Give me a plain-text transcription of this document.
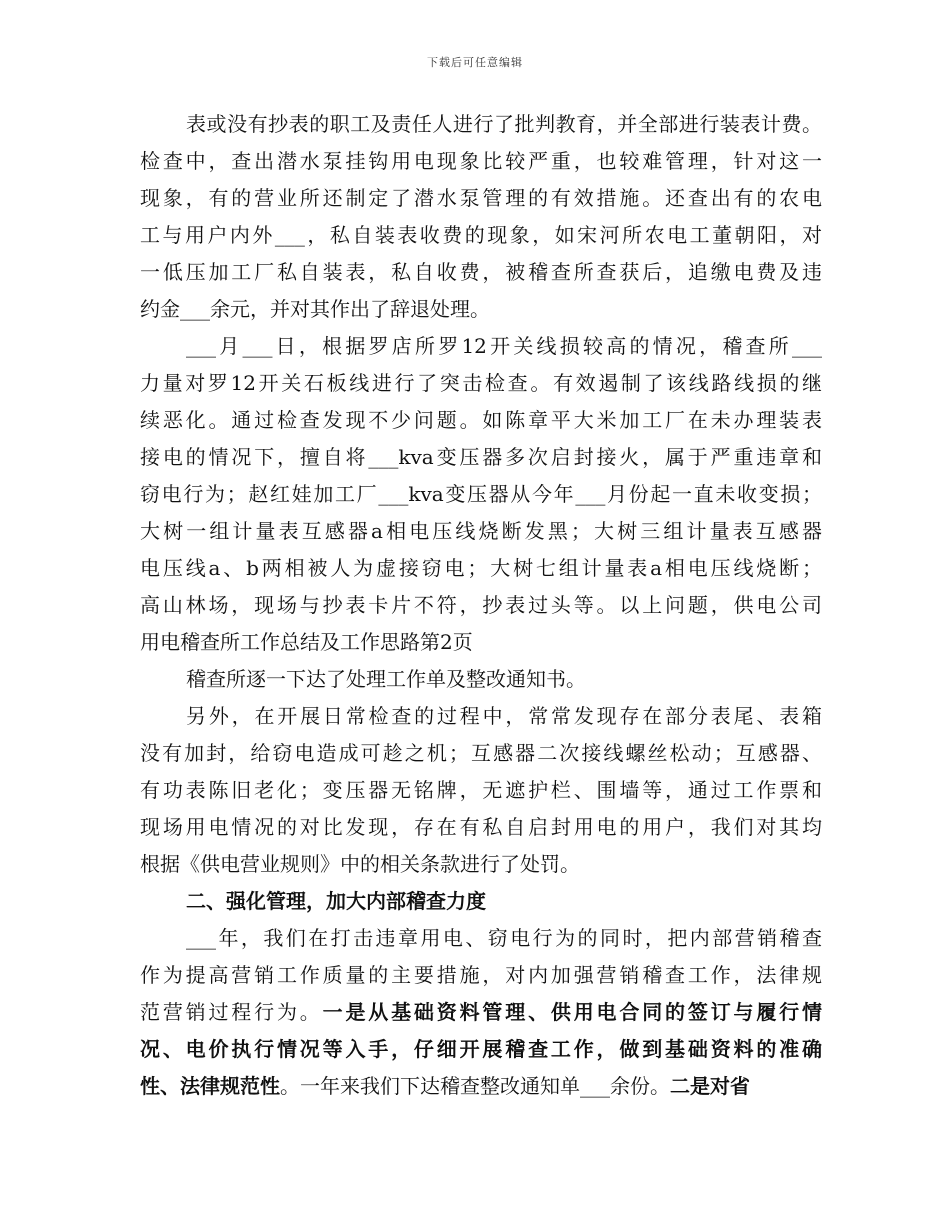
下载后可任意编辑
表或没有抄表的职工及责任人进行了批判教育，并全部进行装表计费。
检查中，查出潜水泵挂钩用电现象比较严重，也较难管理，针对这一
现象，有的营业所还制定了潜水泵管理的有效措施。还查出有的农电
工与用户内外___，私自装表收费的现象，如宋河所农电工董朝阳，对
一低压加工厂私自装表，私自收费，被稽查所查获后，追缴电费及违
约金___余元，并对其作出了辞退处理。
___月___日，根据罗店所罗12开关线损较高的情况，稽查所___
力量对罗12开关石板线进行了突击检查。有效遏制了该线路线损的继
续恶化。通过检查发现不少问题。如陈章平大米加工厂在未办理装表
接电的情况下，擅自将___kva变压器多次启封接火，属于严重违章和
窃电行为；赵红娃加工厂___kva变压器从今年___月份起一直未收变损；
大树一组计量表互感器a相电压线烧断发黑；大树三组计量表互感器
电压线a、b两相被人为虚接窃电；大树七组计量表a相电压线烧断；
高山林场，现场与抄表卡片不符，抄表过头等。以上问题，供电公司
用电稽查所工作总结及工作思路第2页
稽查所逐一下达了处理工作单及整改通知书。
另外，在开展日常检查的过程中，常常发现存在部分表尾、表箱
没有加封，给窃电造成可趁之机；互感器二次接线螺丝松动；互感器、
有功表陈旧老化；变压器无铭牌，无遮护栏、围墙等，通过工作票和
现场用电情况的对比发现，存在有私自启封用电的用户，我们对其均
根据《供电营业规则》中的相关条款进行了处罚。
二、强化管理，加大内部稽查力度
___年，我们在打击违章用电、窃电行为的同时，把内部营销稽查
作为提高营销工作质量的主要措施，对内加强营销稽查工作，法律规
范营销过程行为。一是从基础资料管理、供用电合同的签订与履行情
况、电价执行情况等入手，仔细开展稽查工作，做到基础资料的准确
性、法律规范性。一年来我们下达稽查整改通知单___余份。二是对省
